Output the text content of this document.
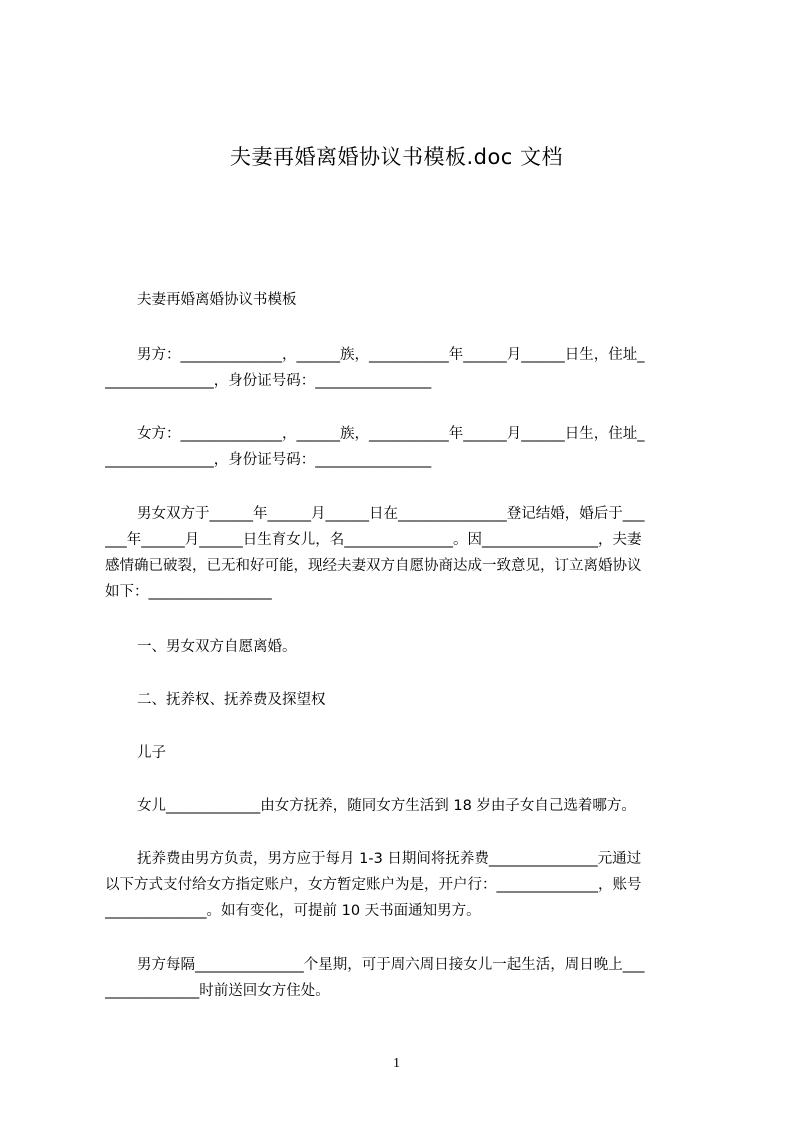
夫妻再婚离婚协议书模板.doc 文档
夫妻再婚离婚协议书模板
男方：______________，______族，___________年______月______日生，住址_
_______________，身份证号码：________________
女方：______________，______族，___________年______月______日生，住址_
_______________，身份证号码：________________
男女双方于______年______月______日在_______________登记结婚，婚后于___
___年______月______日生育女儿，名_______________。因________________，夫妻
感情确已破裂，已无和好可能，现经夫妻双方自愿协商达成一致意见，订立离婚协议
如下：_________________
一、男女双方自愿离婚。
二、抚养权、抚养费及探望权
儿子
女儿_____________由女方抚养，随同女方生活到 18 岁由子女自己选着哪方。
抚养费由男方负责，男方应于每月 1-3 日期间将抚养费_______________元通过
以下方式支付给女方指定账户，女方暂定账户为是，开户行：______________，账号
______________。如有变化，可提前 10 天书面通知男方。
男方每隔_______________个星期，可于周六周日接女儿一起生活，周日晚上___
_____________时前送回女方住处。
1
